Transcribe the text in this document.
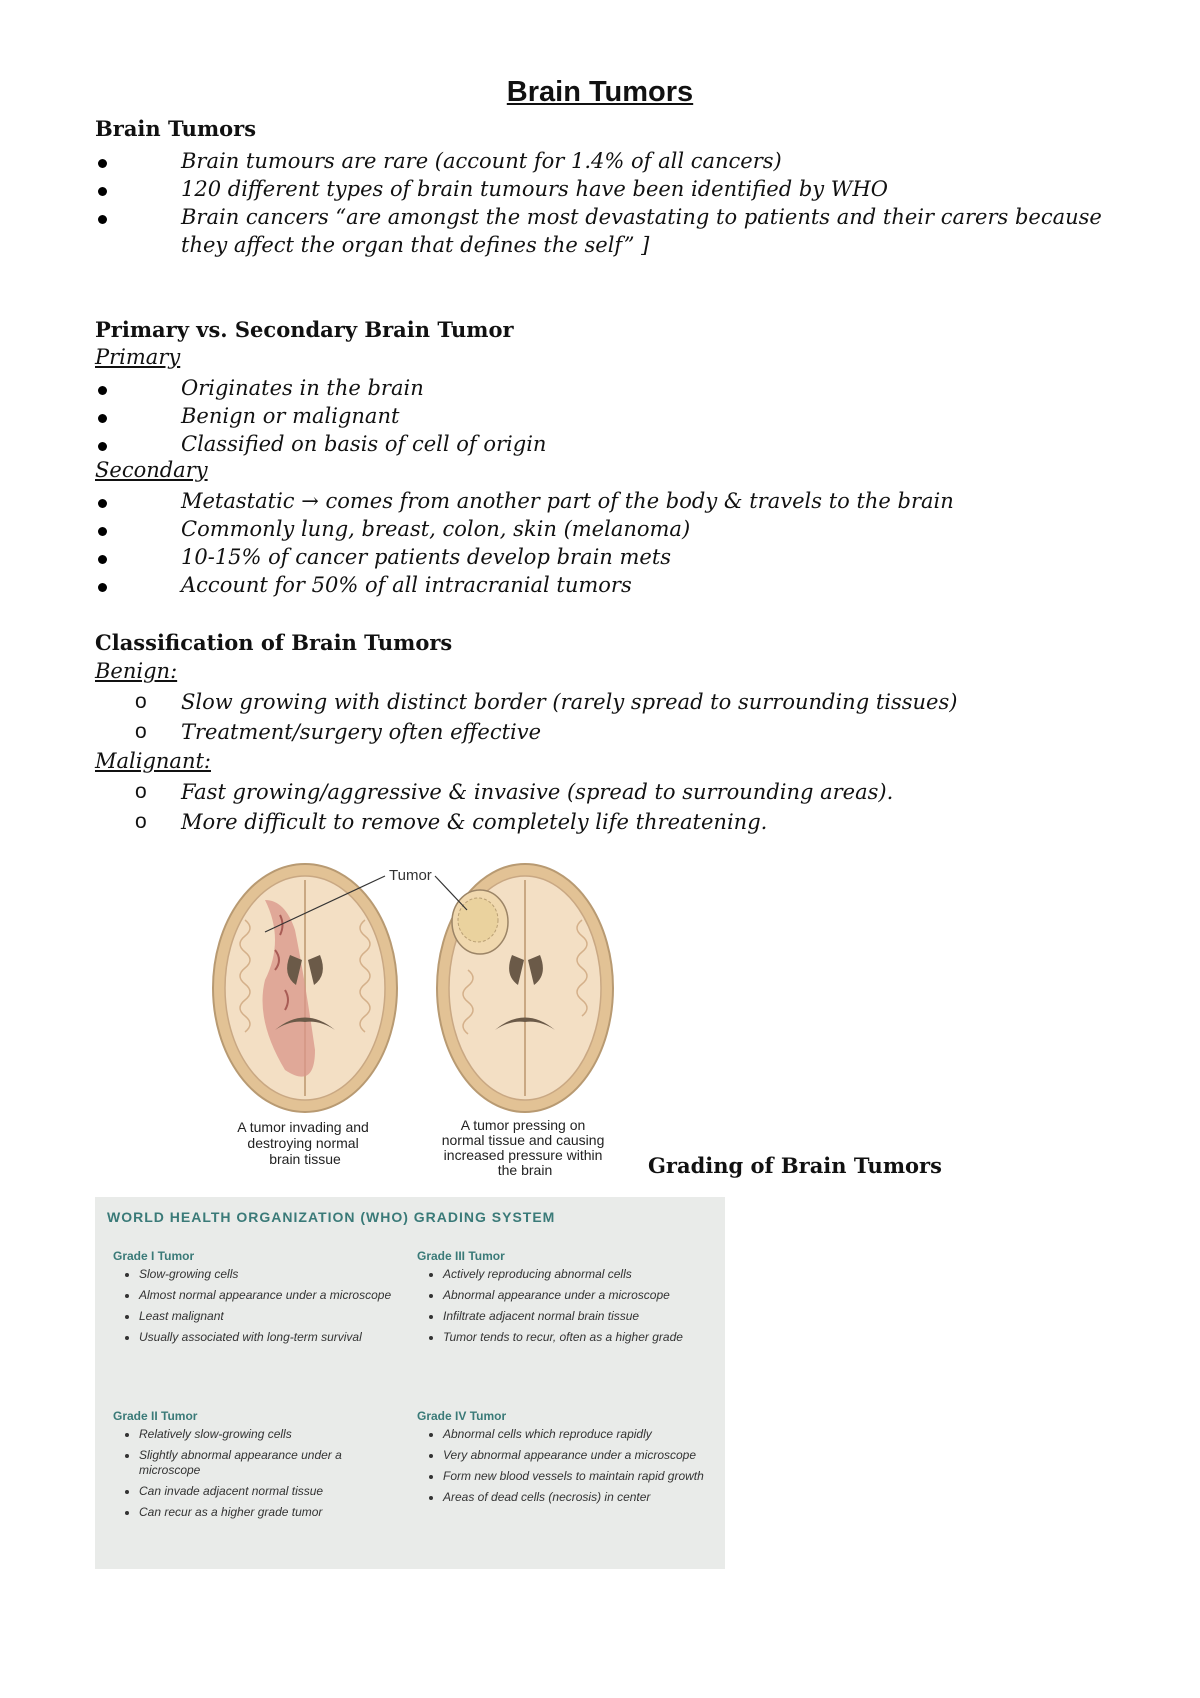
Brain Tumors
Brain Tumors
Brain tumours are rare (account for 1.4% of all cancers)
120 different types of brain tumours have been identified by WHO
Brain cancers “are amongst the most devastating to patients and their carers because they affect the organ that defines the self” ]
Primary vs. Secondary Brain Tumor
Primary
Originates in the brain
Benign or malignant
Classified on basis of cell of origin
Secondary
Metastatic → comes from another part of the body & travels to the brain
Commonly lung, breast, colon, skin (melanoma)
10-15% of cancer patients develop brain mets
Account for 50% of all intracranial tumors
Classification of Brain Tumors
Benign:
o	Slow growing with distinct border (rarely spread to surrounding tissues)
o	Treatment/surgery often effective
Malignant:
o	Fast growing/aggressive & invasive (spread to surrounding areas).
o	More difficult to remove & completely life threatening.
Tumor
A tumor invading and destroying normal brain tissue
A tumor pressing on normal tissue and causing increased pressure within the brain	Grading of Brain Tumors
WORLD HEALTH ORGANIZATION (WHO) GRADING SYSTEM
Grade I Tumor
• Slow-growing cells
• Almost normal appearance under a microscope
• Least malignant
• Usually associated with long-term survival
Grade II Tumor
• Relatively slow-growing cells
• Slightly abnormal appearance under a microscope
• Can invade adjacent normal tissue
• Can recur as a higher grade tumor
Grade III Tumor
• Actively reproducing abnormal cells
• Abnormal appearance under a microscope
• Infiltrate adjacent normal brain tissue
• Tumor tends to recur, often as a higher grade
Grade IV Tumor
• Abnormal cells which reproduce rapidly
• Very abnormal appearance under a microscope
• Form new blood vessels to maintain rapid growth
• Areas of dead cells (necrosis) in center
